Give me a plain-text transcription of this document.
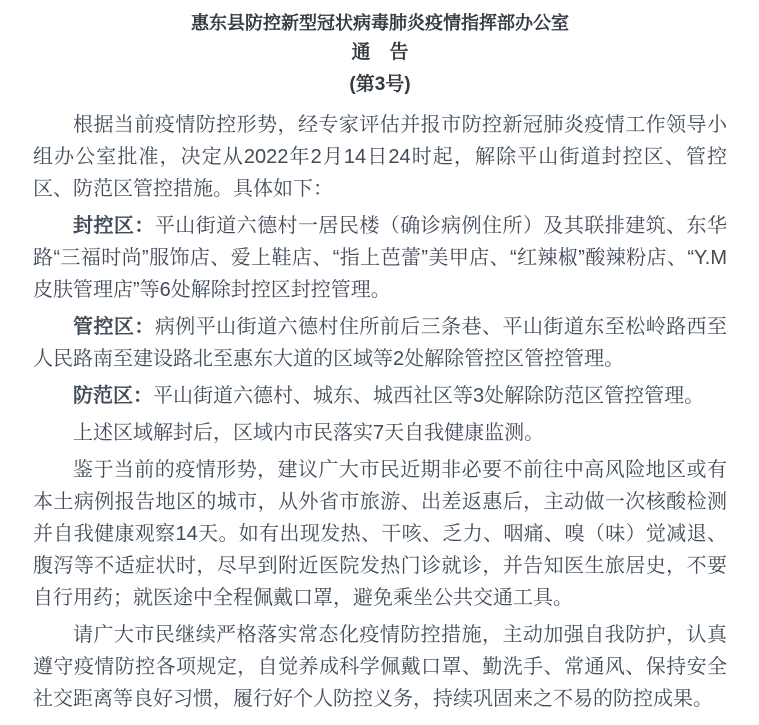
惠东县防控新型冠状病毒肺炎疫情指挥部办公室
通　告
(第3号)

根据当前疫情防控形势，经专家评估并报市防控新冠肺炎疫情工作领导小组办公室批准，决定从2022年2月14日24时起，解除平山街道封控区、管控区、防范区管控措施。具体如下：

封控区：平山街道六德村一居民楼（确诊病例住所）及其联排建筑、东华路“三福时尚”服饰店、爱上鞋店、“指上芭蕾”美甲店、“红辣椒”酸辣粉店、“Y.M皮肤管理店”等6处解除封控区封控管理。

管控区：病例平山街道六德村住所前后三条巷、平山街道东至松岭路西至人民路南至建设路北至惠东大道的区域等2处解除管控区管控管理。

防范区：平山街道六德村、城东、城西社区等3处解除防范区管控管理。

上述区域解封后，区域内市民落实7天自我健康监测。

鉴于当前的疫情形势，建议广大市民近期非必要不前往中高风险地区或有本土病例报告地区的城市，从外省市旅游、出差返惠后，主动做一次核酸检测并自我健康观察14天。如有出现发热、干咳、乏力、咽痛、嗅（味）觉减退、腹泻等不适症状时，尽早到附近医院发热门诊就诊，并告知医生旅居史，不要自行用药；就医途中全程佩戴口罩，避免乘坐公共交通工具。

请广大市民继续严格落实常态化疫情防控措施，主动加强自我防护，认真遵守疫情防控各项规定，自觉养成科学佩戴口罩、勤洗手、常通风、保持安全社交距离等良好习惯，履行好个人防控义务，持续巩固来之不易的防控成果。
